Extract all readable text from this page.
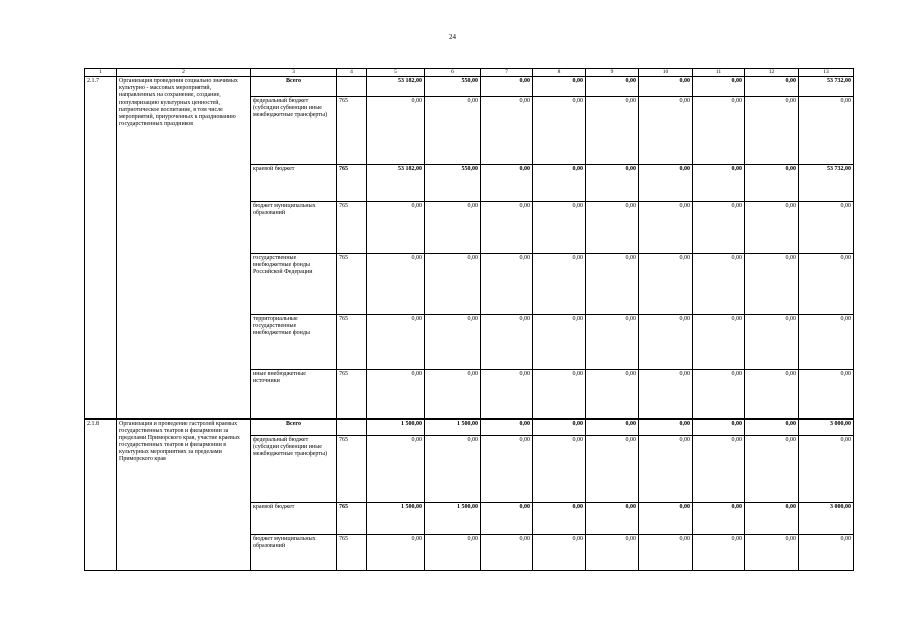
24
1	2	3	4	5	6	7	8	9	10	11	12	13
2.1.7	Организация проведения социально значимых культурно - массовых мероприятий, направленных на сохранение, создание, популяризацию культурных ценностей, патриотическое воспитание, в том числе мероприятий, приуроченных к празднованию государственных праздников	Всего		53 182,00	550,00	0,00	0,00	0,00	0,00	0,00	0,00	53 732,00
		федеральный бюджет (субсидии субвенции иные межбюджетные трансферты)	765	0,00	0,00	0,00	0,00	0,00	0,00	0,00	0,00	0,00
		краевой бюджет	765	53 182,00	550,00	0,00	0,00	0,00	0,00	0,00	0,00	53 732,00
		бюджет муниципальных образований	765	0,00	0,00	0,00	0,00	0,00	0,00	0,00	0,00	0,00
		государственные внебюджетные фонды Российской Федерации	765	0,00	0,00	0,00	0,00	0,00	0,00	0,00	0,00	0,00
		территориальные государственные внебюджетные фонды	765	0,00	0,00	0,00	0,00	0,00	0,00	0,00	0,00	0,00
		иные внебюджетные источники	765	0,00	0,00	0,00	0,00	0,00	0,00	0,00	0,00	0,00
2.1.8	Организация и проведение гастролей краевых государственных театров и филармонии за пределами Приморского края, участие краевых государственных театров и филармонии в культурных мероприятиях за пределами Приморского края	Всего		1 500,00	1 500,00	0,00	0,00	0,00	0,00	0,00	0,00	3 000,00
		федеральный бюджет (субсидии субвенции иные межбюджетные трансферты)	765	0,00	0,00	0,00	0,00	0,00	0,00	0,00	0,00	0,00
		краевой бюджет	765	1 500,00	1 500,00	0,00	0,00	0,00	0,00	0,00	0,00	3 000,00
		бюджет муниципальных образований	765	0,00	0,00	0,00	0,00	0,00	0,00	0,00	0,00	0,00
